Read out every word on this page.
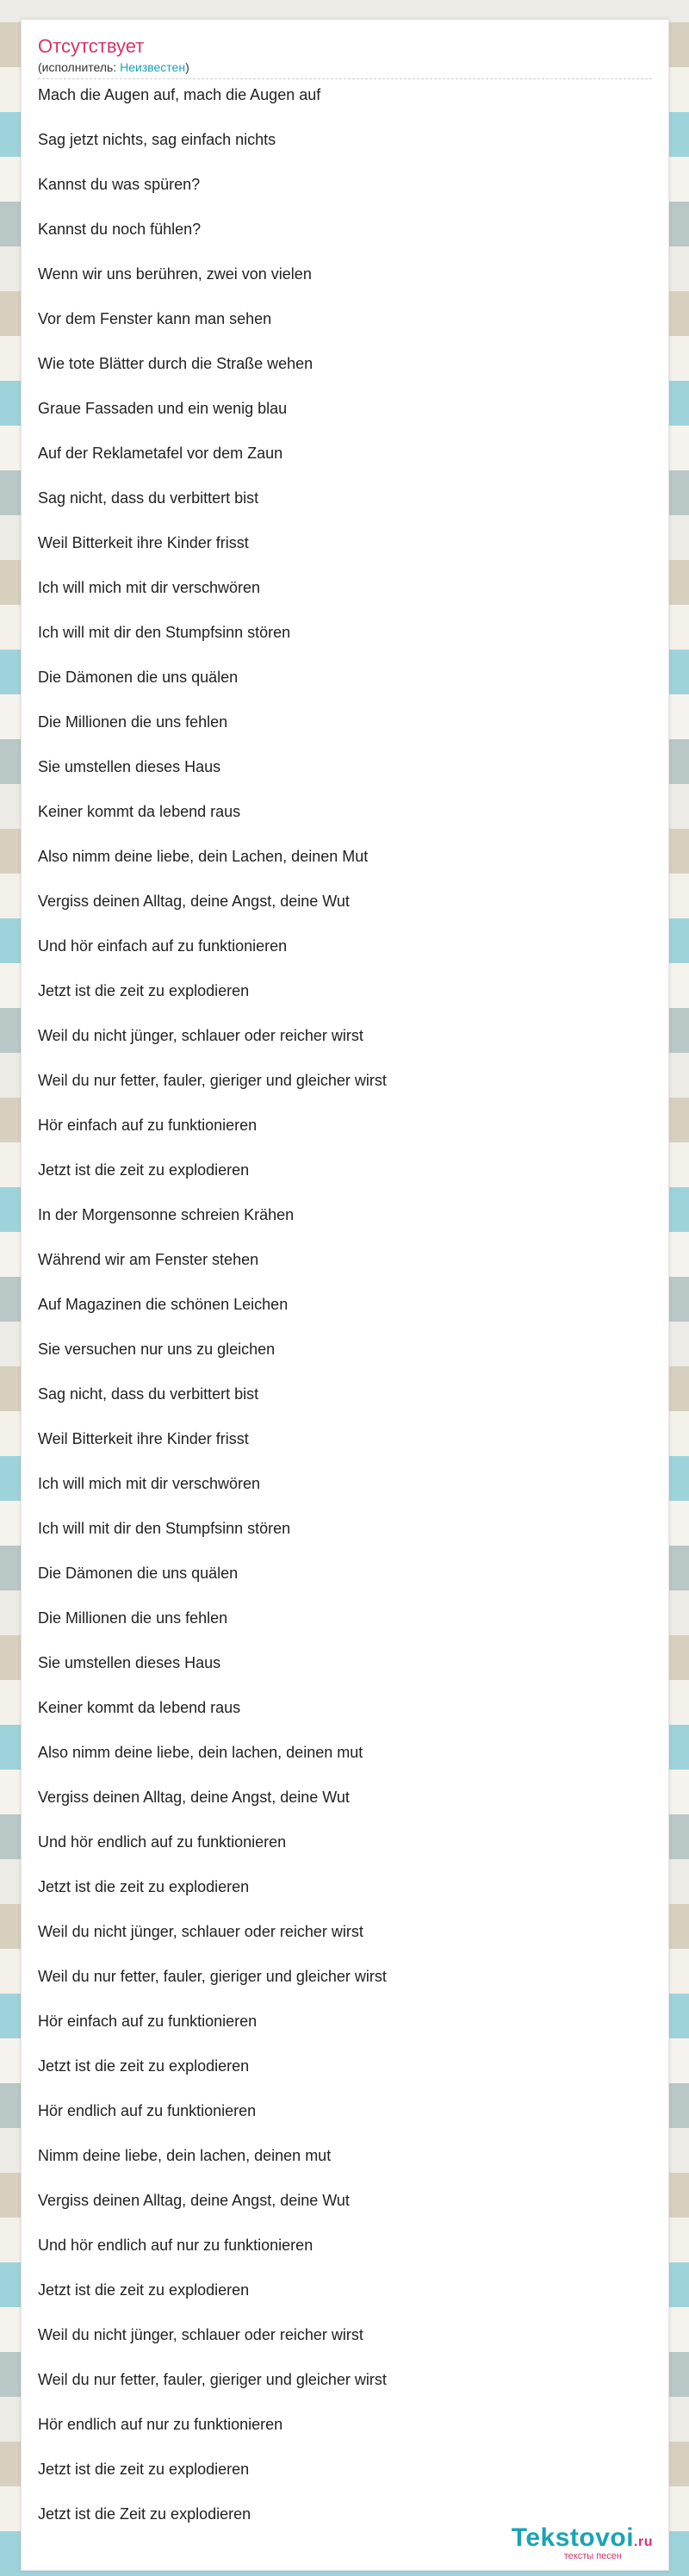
Отсутствует
(исполнитель: Неизвестен)
Mach die Augen auf, mach die Augen auf
Sag jetzt nichts, sag einfach nichts
Kannst du was spüren?
Kannst du noch fühlen?
Wenn wir uns berühren, zwei von vielen
Vor dem Fenster kann man sehen
Wie tote Blätter durch die Straße wehen
Graue Fassaden und ein wenig blau
Auf der Reklametafel vor dem Zaun
Sag nicht, dass du verbittert bist
Weil Bitterkeit ihre Kinder frisst
Ich will mich mit dir verschwören
Ich will mit dir den Stumpfsinn stören
Die Dämonen die uns quälen
Die Millionen die uns fehlen
Sie umstellen dieses Haus
Keiner kommt da lebend raus
Also nimm deine liebe, dein Lachen, deinen Mut
Vergiss deinen Alltag, deine Angst, deine Wut
Und hör einfach auf zu funktionieren
Jetzt ist die zeit zu explodieren
Weil du nicht jünger, schlauer oder reicher wirst
Weil du nur fetter, fauler, gieriger und gleicher wirst
Hör einfach auf zu funktionieren
Jetzt ist die zeit zu explodieren
In der Morgensonne schreien Krähen
Während wir am Fenster stehen
Auf Magazinen die schönen Leichen
Sie versuchen nur uns zu gleichen
Sag nicht, dass du verbittert bist
Weil Bitterkeit ihre Kinder frisst
Ich will mich mit dir verschwören
Ich will mit dir den Stumpfsinn stören
Die Dämonen die uns quälen
Die Millionen die uns fehlen
Sie umstellen dieses Haus
Keiner kommt da lebend raus
Also nimm deine liebe, dein lachen, deinen mut
Vergiss deinen Alltag, deine Angst, deine Wut
Und hör endlich auf zu funktionieren
Jetzt ist die zeit zu explodieren
Weil du nicht jünger, schlauer oder reicher wirst
Weil du nur fetter, fauler, gieriger und gleicher wirst
Hör einfach auf zu funktionieren
Jetzt ist die zeit zu explodieren
Hör endlich auf zu funktionieren
Nimm deine liebe, dein lachen, deinen mut
Vergiss deinen Alltag, deine Angst, deine Wut
Und hör endlich auf nur zu funktionieren
Jetzt ist die zeit zu explodieren
Weil du nicht jünger, schlauer oder reicher wirst
Weil du nur fetter, fauler, gieriger und gleicher wirst
Hör endlich auf nur zu funktionieren
Jetzt ist die zeit zu explodieren
Jetzt ist die Zeit zu explodieren
Tekstovoi.ru
тексты песен
